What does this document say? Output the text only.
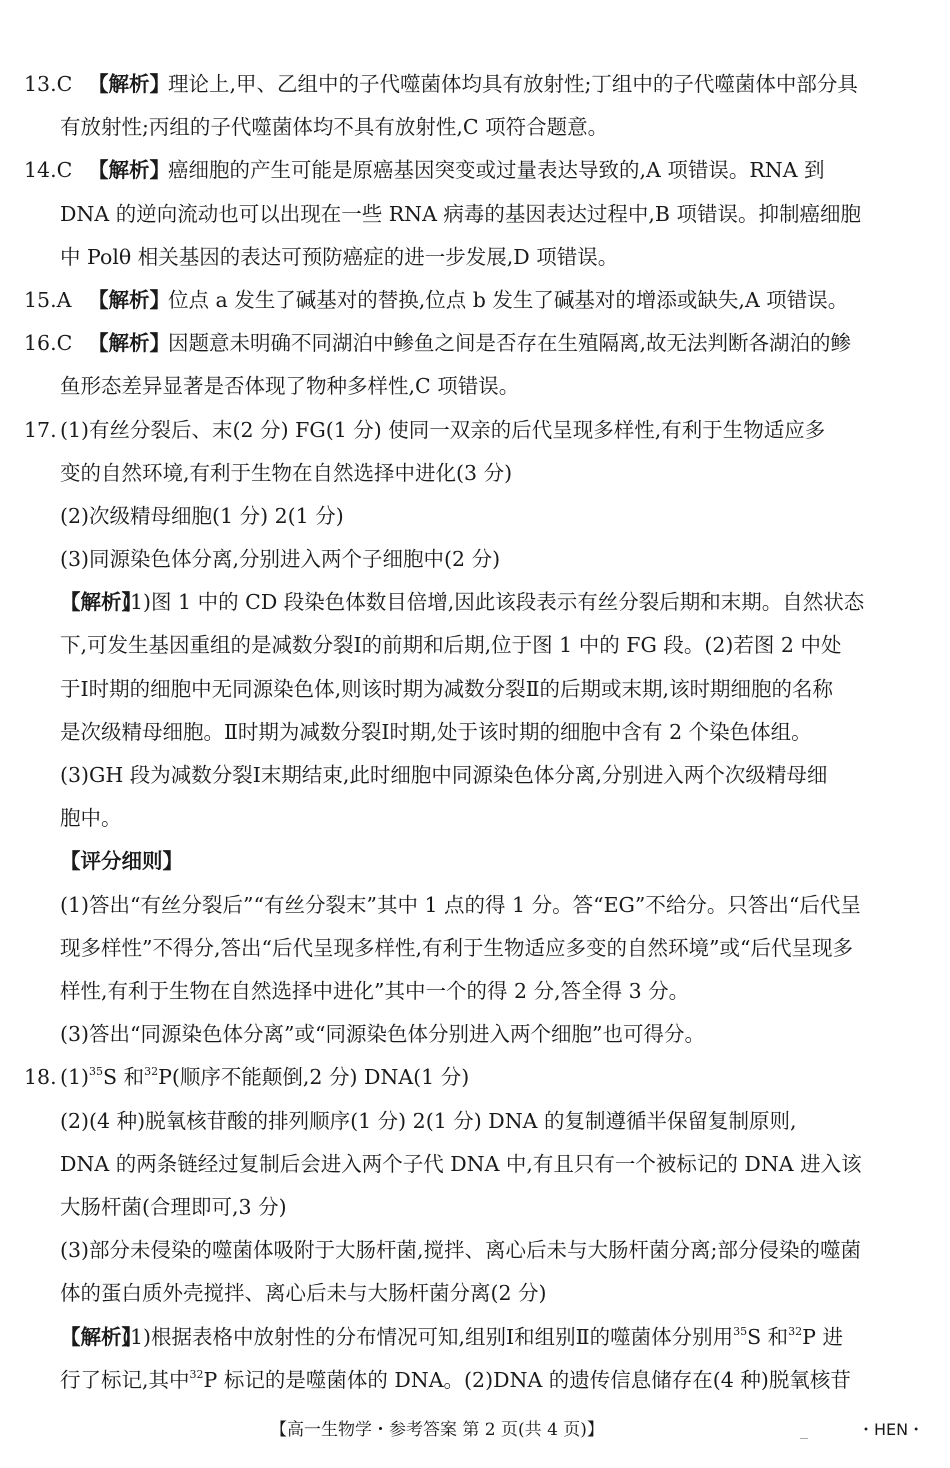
13.C 【解析】
理论上,甲、乙组中的子代噬菌体均具有放射性;丁组中的子代噬菌体中部分具
有放射性;丙组的子代噬菌体均不具有放射性,C 项符合题意。
14.C 【解析】
癌细胞的产生可能是原癌基因突变或过量表达导致的,A 项错误。RNA 到
DNA 的逆向流动也可以出现在一些 RNA 病毒的基因表达过程中,B 项错误。抑制癌细胞
中 Polθ 相关基因的表达可预防癌症的进一步发展,D 项错误。
15.A 【解析】
位点 a 发生了碱基对的替换,位点 b 发生了碱基对的增添或缺失,A 项错误。
16.C 【解析】
因题意未明确不同湖泊中鲹鱼之间是否存在生殖隔离,故无法判断各湖泊的鲹
鱼形态差异显著是否体现了物种多样性,C 项错误。
17. (1)有丝分裂后、末(2 分) FG(1 分) 使同一双亲的后代呈现多样性,有利于生物适应多
变的自然环境,有利于生物在自然选择中进化(3 分)
(2)次级精母细胞(1 分) 2(1 分)
(3)同源染色体分离,分别进入两个子细胞中(2 分)
【解析】
(1)图 1 中的 CD 段染色体数目倍增,因此该段表示有丝分裂后期和末期。自然状态
下,可发生基因重组的是减数分裂Ⅰ的前期和后期,位于图 1 中的 FG 段。(2)若图 2 中处
于Ⅰ时期的细胞中无同源染色体,则该时期为减数分裂Ⅱ的后期或末期,该时期细胞的名称
是次级精母细胞。Ⅱ时期为减数分裂Ⅰ时期,处于该时期的细胞中含有 2 个染色体组。
(3)GH 段为减数分裂Ⅰ末期结束,此时细胞中同源染色体分离,分别进入两个次级精母细
胞中。
【评分细则】
(1)答出“有丝分裂后”“有丝分裂末”其中 1 点的得 1 分。答“EG”不给分。只答出“后代呈
现多样性”不得分,答出“后代呈现多样性,有利于生物适应多变的自然环境”或“后代呈现多
样性,有利于生物在自然选择中进化”其中一个的得 2 分,答全得 3 分。
(3)答出“同源染色体分离”或“同源染色体分别进入两个细胞”也可得分。
18. $(1)^{35}S$ 和$^{32}$P(顺序不能颠倒,2 分) DNA(1 分)
(2)(4 种)脱氧核苷酸的排列顺序(1 分) 2(1 分) DNA 的复制遵循半保留复制原则,
DNA 的两条链经过复制后会进入两个子代 DNA 中,有且只有一个被标记的 DNA 进入该
大肠杆菌(合理即可,3 分)
(3)部分未侵染的噬菌体吸附于大肠杆菌,搅拌、离心后未与大肠杆菌分离;部分侵染的噬菌
体的蛋白质外壳搅拌、离心后未与大肠杆菌分离(2 分)
【解析】
(1)根据表格中放射性的分布情况可知,组别Ⅰ和组别Ⅱ的噬菌体分别用$^{35}$S 和$^{32}$P 进
行了标记,其中$^{32}$P 标记的是噬菌体的 DNA。(2)DNA 的遗传信息储存在(4 种)脱氧核苷
【高一生物学・参考答案 第 2 页(共 4 页)】	・HEN・
